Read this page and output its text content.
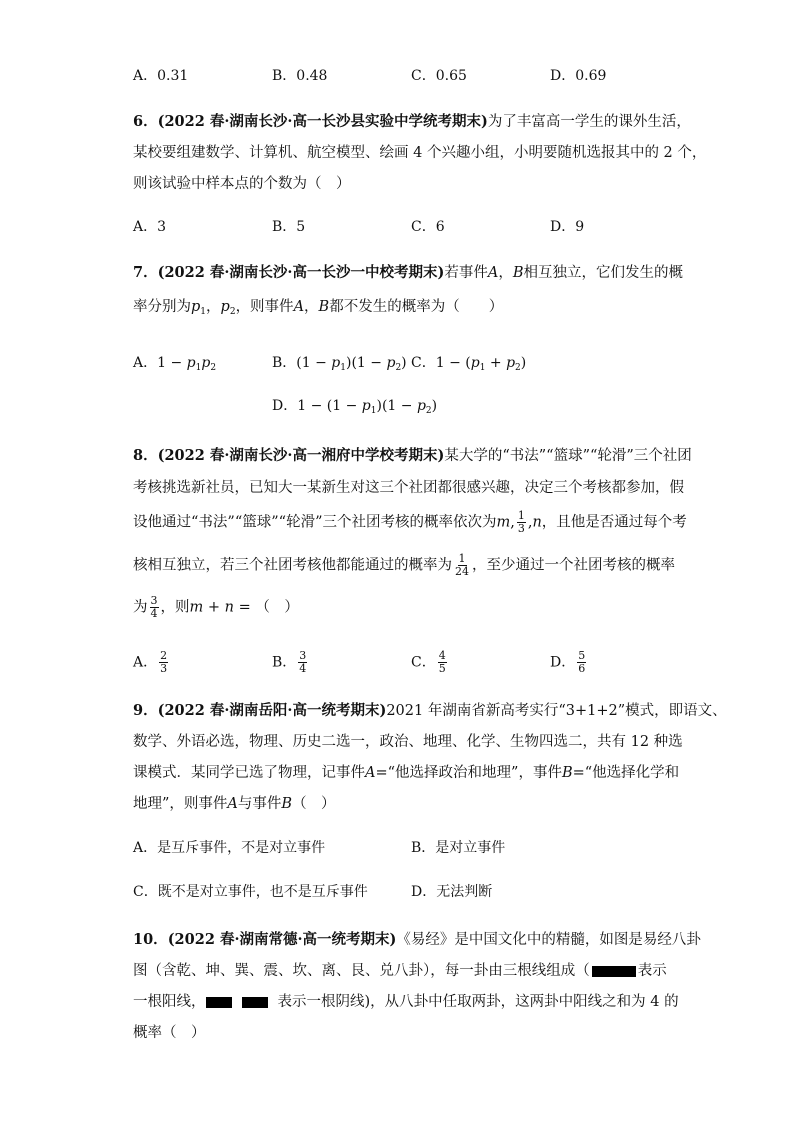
A．0.31	B．0.48	C．0.65	D．0.69
6．(2022 春·湖南长沙·高一长沙县实验中学统考期末)为了丰富高一学生的课外生活，
某校要组建数学、计算机、航空模型、绘画 4 个兴趣小组，小明要随机选报其中的 2 个，
则该试验中样本点的个数为（　）
A．3	B．5	C．6	D．9
7．(2022 春·湖南长沙·高一长沙一中校考期末)若事件A，B相互独立，它们发生的概
率分别为$p_1$，$p_2$，则事件A，B都不发生的概率为（　　）
A．$1 - p_1p_2$	B．$(1 - p_1)(1 - p_2)$ C．$1 - (p_1 + p_2)$
D．$1 - (1 - p_1)(1 - p_2)$
8．(2022 春·湖南长沙·高一湘府中学校考期末)某大学的“书法”“篮球”“轮滑”三个社团
考核挑选新社员，已知大一某新生对这三个社团都很感兴趣，决定三个考核都参加，假
设他通过“书法”“篮球”“轮滑”三个社团考核的概率依次为m, $\frac{1}{3} ,n$，且他是否通过每个考
核相互独立，若三个社团考核他都能通过的概率为 $\frac{1}{24}$ ，至少通过一个社团考核的概率
为 $\frac{3}{4}$ ，则m + n = （　）
A． $\frac{2}{3}$	B． $\frac{3}{4}$	C． $\frac{4}{5}$	D． $\frac{5}{6}$
9．(2022 春·湖南岳阳·高一统考期末)2021 年湖南省新高考实行“3+1+2”模式，即语文、
数学、外语必选，物理、历史二选一，政治、地理、化学、生物四选二，共有 12 种选
课模式．某同学已选了物理，记事件A=“他选择政治和地理”，事件B=“他选择化学和
地理”，则事件A与事件B（　）
A．是互斥事件，不是对立事件	B．是对立事件
C．既不是对立事件，也不是互斥事件	D．无法判断
10．(2022 春·湖南常德·高一统考期末)《易经》是中国文化中的精髓，如图是易经八卦
图（含乾、坤、巽、震、坎、离、艮、兑八卦），每一卦由三根线组成（	表示
一根阳线，	表示一根阴线)，从八卦中任取两卦，这两卦中阳线之和为 4 的
概率（　）
